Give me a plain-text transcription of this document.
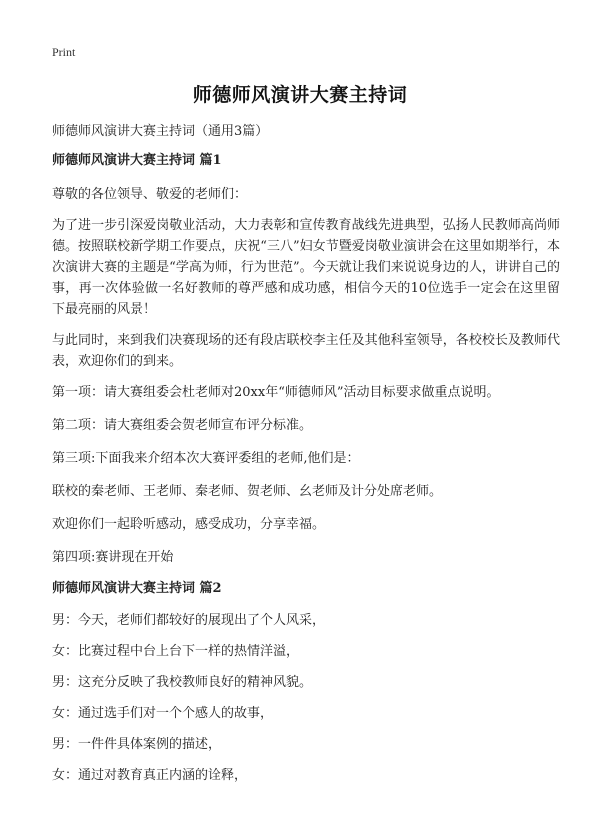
Print
师德师风演讲大赛主持词
师德师风演讲大赛主持词（通用3篇）
师德师风演讲大赛主持词 篇1

尊敬的各位领导、敬爱的老师们：

为了进一步引深爱岗敬业活动，大力表彰和宣传教育战线先进典型，弘扬人民教师高尚师德。按照联校新学期工作要点，庆祝“三八”妇女节暨爱岗敬业演讲会在这里如期举行，本次演讲大赛的主题是“学高为师，行为世范”。今天就让我们来说说身边的人，讲讲自己的事，再一次体验做一名好教师的尊严感和成功感，相信今天的10位选手一定会在这里留下最亮丽的风景！

与此同时，来到我们决赛现场的还有段店联校李主任及其他科室领导，各校校长及教师代表，欢迎你们的到来。

第一项：请大赛组委会杜老师对20xx年“师德师风”活动目标要求做重点说明。

第二项：请大赛组委会贺老师宣布评分标准。

第三项:下面我来介绍本次大赛评委组的老师,他们是：

联校的秦老师、王老师、秦老师、贺老师、幺老师及计分处席老师。

欢迎你们一起聆听感动，感受成功，分享幸福。

第四项:赛讲现在开始

师德师风演讲大赛主持词 篇2

男：今天，老师们都较好的展现出了个人风采，

女：比赛过程中台上台下一样的热情洋溢，

男：这充分反映了我校教师良好的精神风貌。

女：通过选手们对一个个感人的故事，

男：一件件具体案例的描述，

女：通过对教育真正内涵的诠释，
